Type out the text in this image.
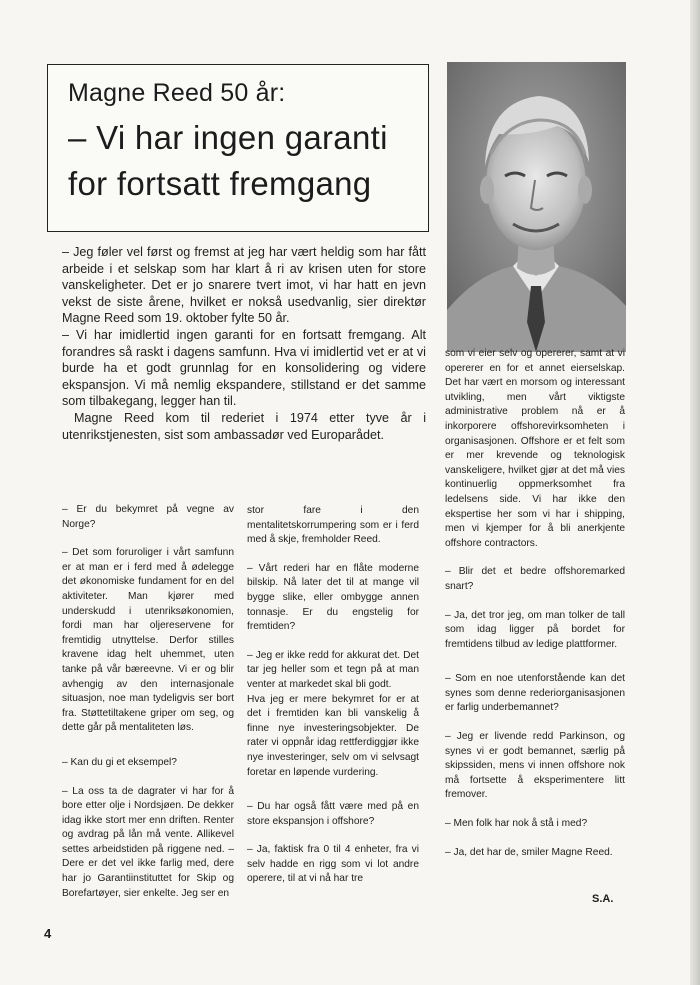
Magne Reed 50 år:
– Vi har ingen garanti
for fortsatt fremgang

– Jeg føler vel først og fremst at jeg har vært heldig som har fått arbeide i et selskap som har klart å ri av krisen uten for store vanskeligheter. Det er jo snarere tvert imot, vi har hatt en jevn vekst de siste årene, hvilket er nokså usedvanlig, sier direktør Magne Reed som 19. oktober fylte 50 år.

– Vi har imidlertid ingen garanti for en fortsatt fremgang. Alt forandres så raskt i dagens samfunn. Hva vi imidlertid vet er at vi burde ha et godt grunnlag for en konsolidering og videre ekspansjon. Vi må nemlig ekspandere, stillstand er det samme som tilbakegang, legger han til.

Magne Reed kom til rederiet i 1974 etter tyve år i utenrikstjenesten, sist som ambassadør ved Europarådet.

– Er du bekymret på vegne av Norge?

– Det som foruroliger i vårt samfunn er at man er i ferd med å ødelegge det økonomiske fundament for en del aktiviteter. Man kjører med underskudd i utenriksøkonomien, fordi man har oljereservene for fremtidig utnyttelse. Derfor stilles kravene idag helt uhemmet, uten tanke på vår bæreevne. Vi er og blir avhengig av den internasjonale situasjon, noe man tydeligvis ser bort fra. Støttetiltakene griper om seg, og dette går på mentaliteten løs.

– Kan du gi et eksempel?

– La oss ta de dagrater vi har for å bore etter olje i Nordsjøen. De dekker idag ikke stort mer enn driften. Renter og avdrag på lån må vente. Allikevel settes arbeidstiden på riggene ned. – Dere er det vel ikke farlig med, dere har jo Garantiinstituttet for Skip og Borefartøyer, sier enkelte. Jeg ser en

stor fare i den mentalitetskorrumpering som er i ferd med å skje, fremholder Reed.

– Vårt rederi har en flåte moderne bilskip. Nå later det til at mange vil bygge slike, eller ombygge annen tonnasje. Er du engstelig for fremtiden?

– Jeg er ikke redd for akkurat det. Det tar jeg heller som et tegn på at man venter at markedet skal bli godt.

Hva jeg er mere bekymret for er at det i fremtiden kan bli vanskelig å finne nye investeringsobjekter. De rater vi oppnår idag rettferdiggjør ikke nye investeringer, selv om vi selvsagt foretar en løpende vurdering.

– Du har også fått være med på en store ekspansjon i offshore?

– Ja, faktisk fra 0 til 4 enheter, fra vi selv hadde en rigg som vi lot andre operere, til at vi nå har tre

som vi eier selv og opererer, samt at vi opererer en for et annet eierselskap. Det har vært en morsom og interessant utvikling, men vårt viktigste administrative problem nå er å inkorporere offshorevirksomheten i organisasjonen. Offshore er et felt som er mer krevende og teknologisk vanskeligere, hvilket gjør at det må vies kontinuerlig oppmerksomhet fra ledelsens side. Vi har ikke den ekspertise her som vi har i shipping, men vi kjemper for å bli anerkjente offshore contractors.

– Blir det et bedre offshoremarked snart?

– Ja, det tror jeg, om man tolker de tall som idag ligger på bordet for fremtidens tilbud av ledige plattformer.

– Som en noe utenforstående kan det synes som denne rederiorganisasjonen er farlig underbemannet?

– Jeg er livende redd Parkinson, og synes vi er godt bemannet, særlig på skipssiden, mens vi innen offshore nok må fortsette å eksperimentere litt fremover.

– Men folk har nok å stå i med?

– Ja, det har de, smiler Magne Reed.

S.A.
4
